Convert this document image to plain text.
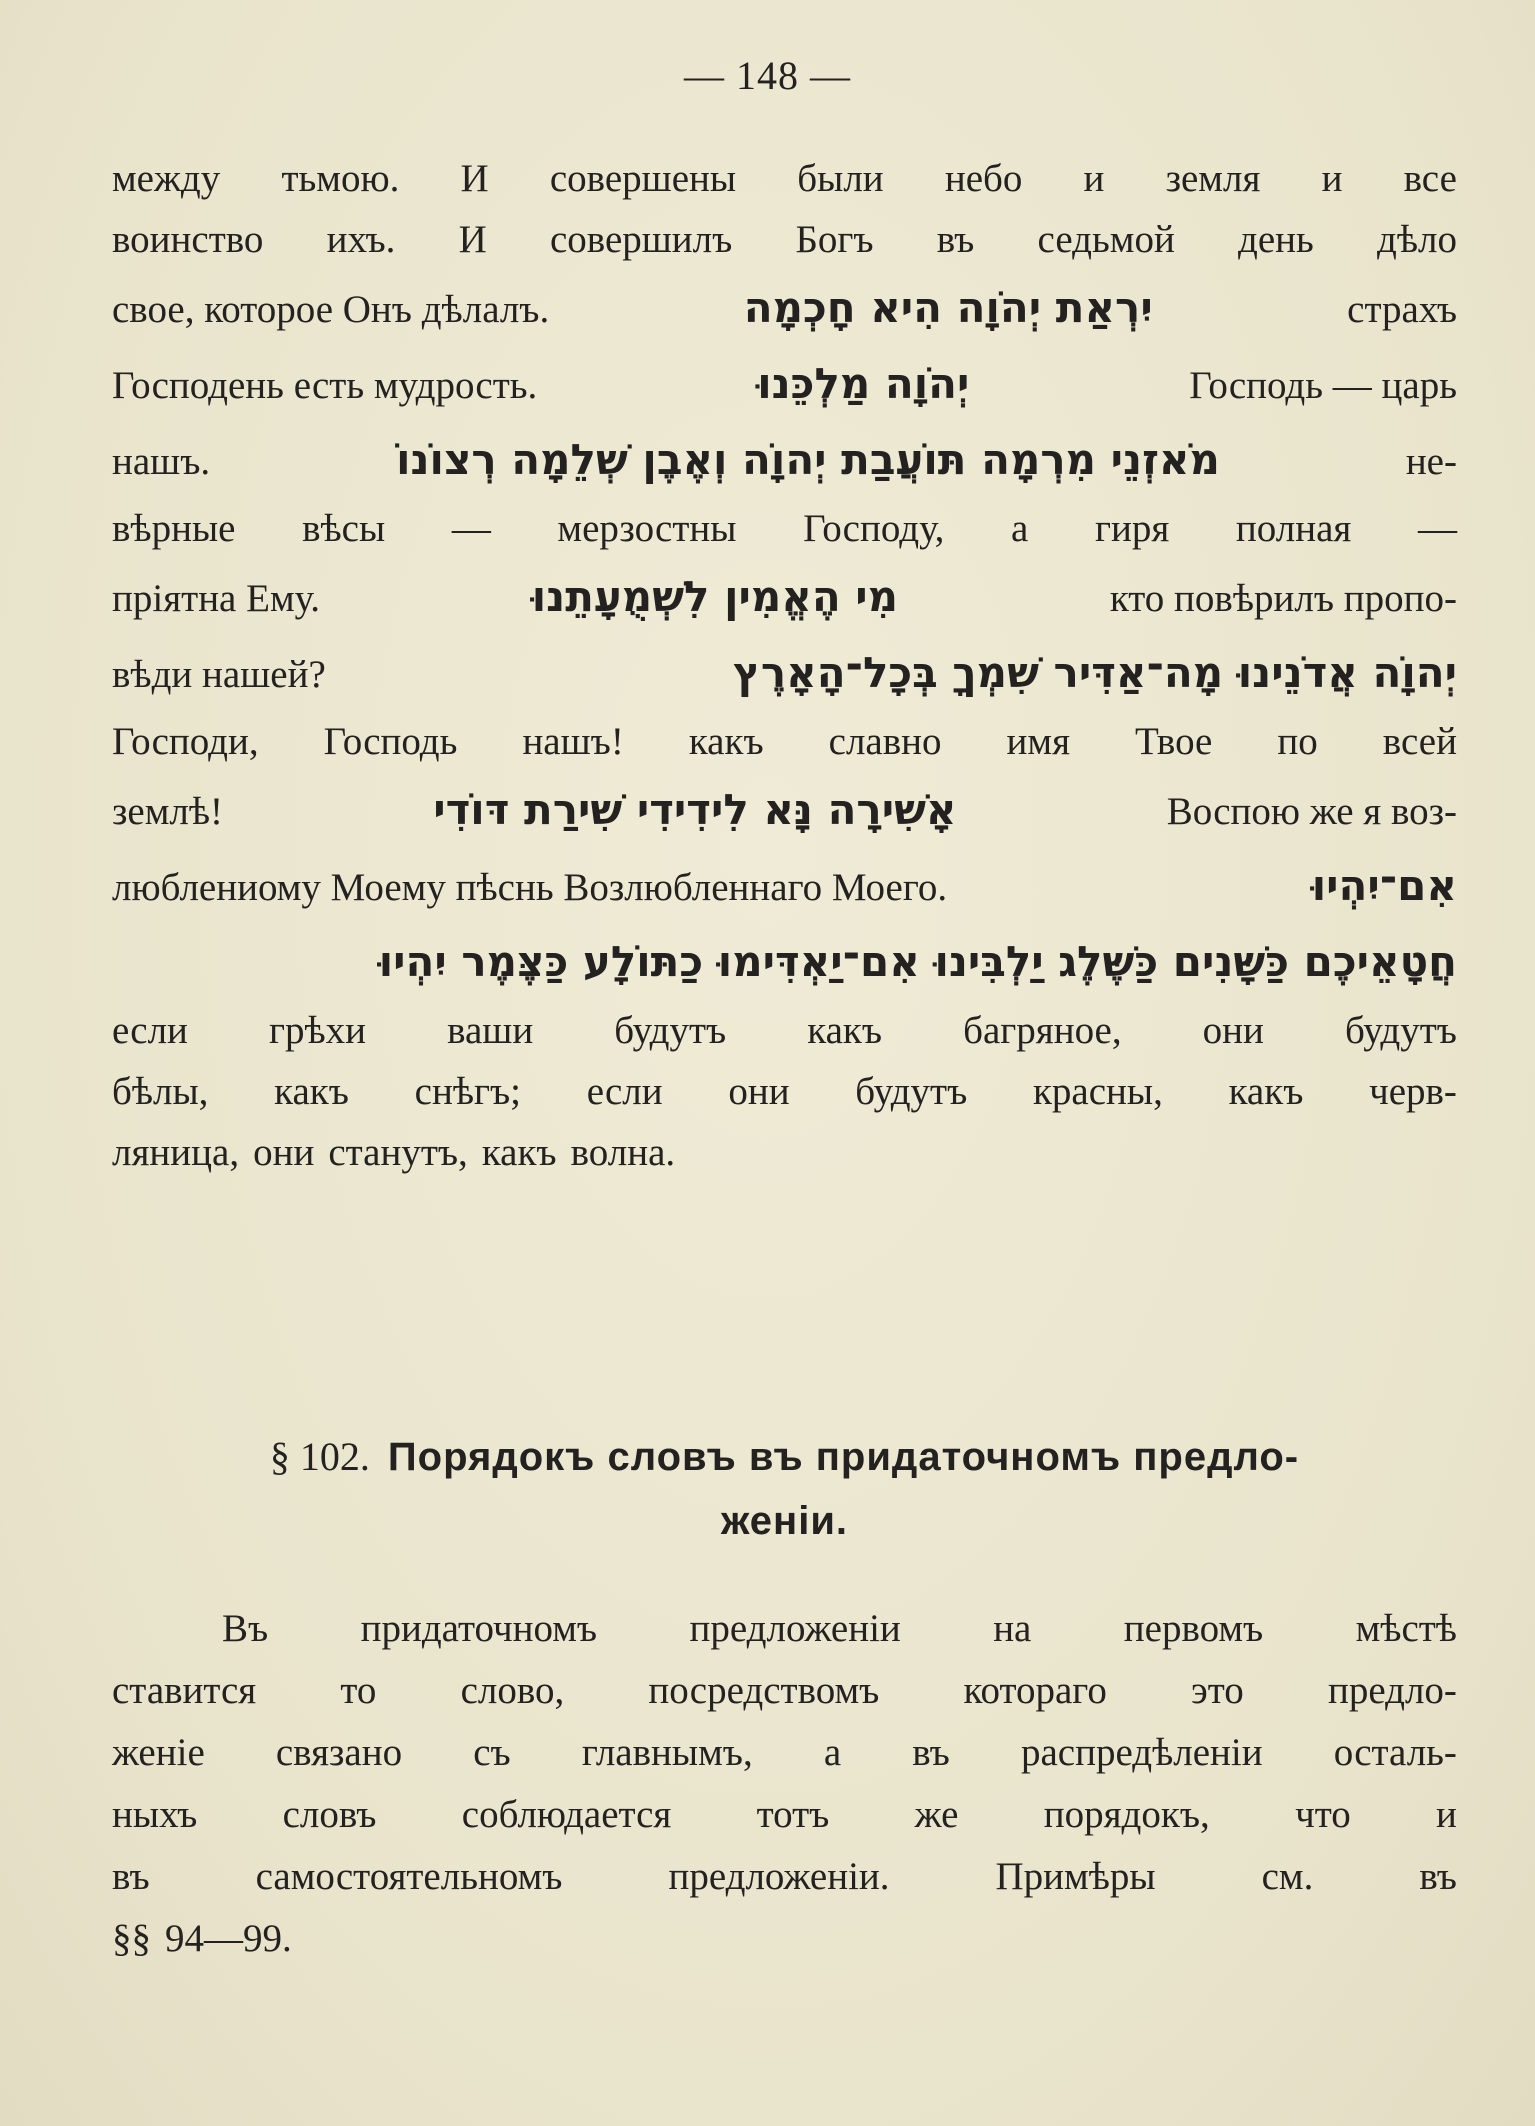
— 148 —
между тьмою. И совершены были небо и земля и все
воинство ихъ. И совершилъ Богъ въ седьмой день дѣло
свое, которое Онъ дѣлалъ.	יִרְאַת יְהֹוָה הִיא חָכְמָה	страхъ
Господень есть мудрость.	יְהֹוָה מַלְכֵּנוּ	Господь — царь
нашъ.	מֹאזְנֵי מִרְמָה תּוֹעֲבַת יְהוָֹה וְאֶבֶן שְׁלֵמָה רְצוֹנוֹ	не-
вѣрные вѣсы — мерзостны Господу, а гиря полная —
пріятна Ему.	מִי הֶאֱמִין לִשְׁמֻעָתֵנוּ	кто повѣрилъ пропо-
вѣди нашей?	יְהוָֹה אֲדֹנֵינוּ מָה־אַדִּיר שִׁמְךָ בְּכָל־הָאָרֶץ
Господи, Господь нашъ! какъ славно имя Твое по всей
землѣ!	אָשִׁירָה נָּא לִידִידִי שִׁירַת דּוֹדִי	Воспою же я воз-
люблениому Моему пѣснь Возлюбленнаго Моего.	אִם־יִהְיוּ
חֲטָאֵיכֶם כַּשָּׁנִים כַּשֶּׁלֶג יַלְבִּינוּ אִם־יַאְדִּימוּ כַתּוֹלָע כַּצֶּמֶר יִהְיוּ
если грѣхи ваши будутъ какъ багряное, они будутъ
бѣлы, какъ снѣгъ; если они будутъ красны, какъ черв-
ляница, они станутъ, какъ волна.
§ 102. Порядокъ словъ въ придаточномъ предло-
женіи.
Въ придаточномъ предложеніи на первомъ мѣстѣ
ставится то слово, посредствомъ котораго это предло-
женіе связано съ главнымъ, а въ распредѣленіи осталь-
ныхъ словъ соблюдается тотъ же порядокъ, что и
въ	самостоятельномъ	предложеніи.	Примѣры	см.	въ
§§ 94—99.
